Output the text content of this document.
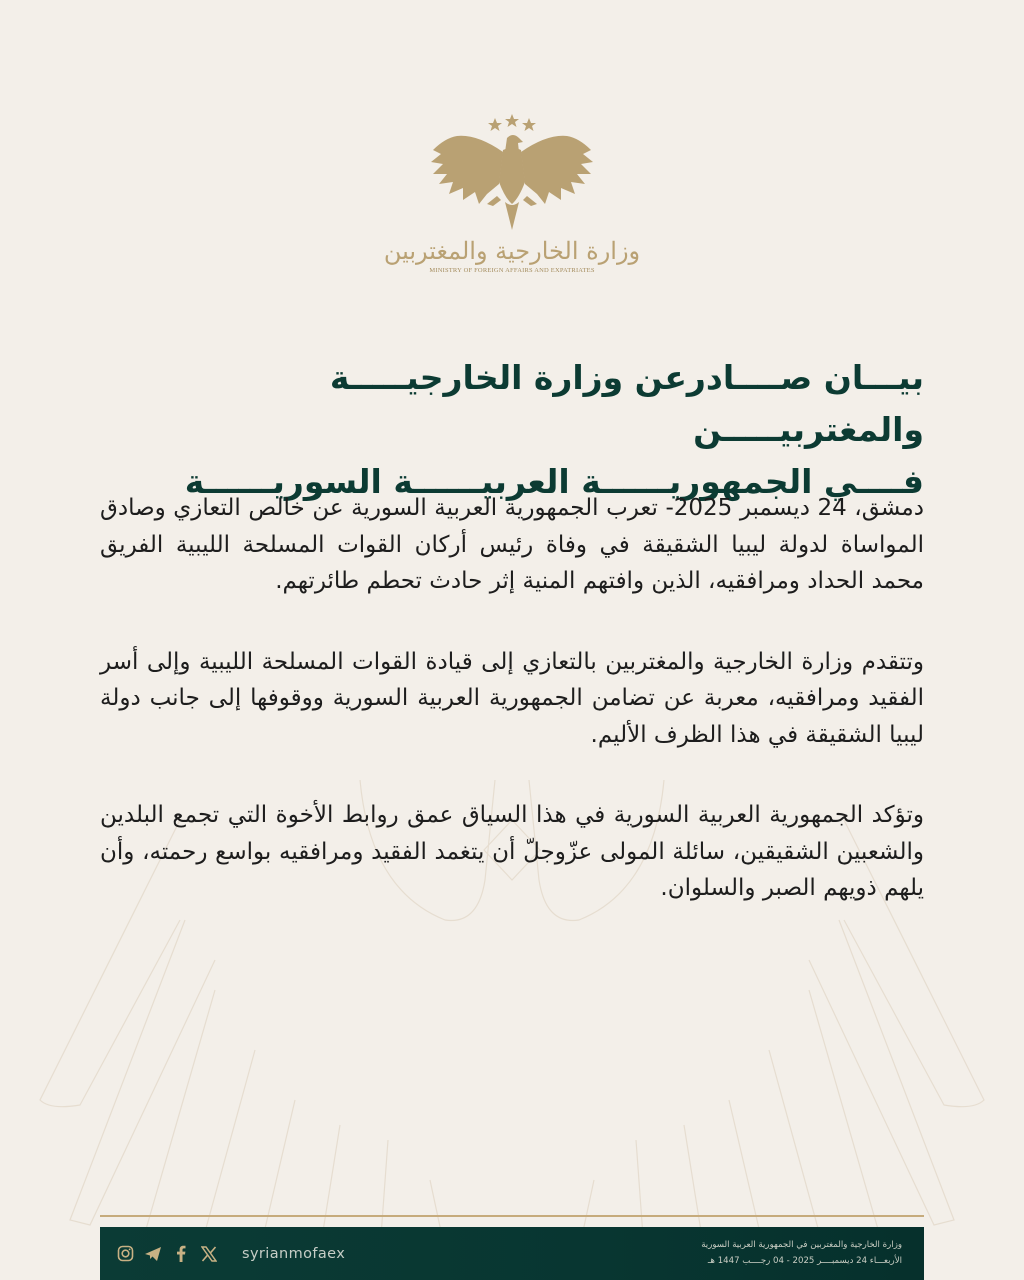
وزارة الخارجية والمغتربين
MINISTRY OF FOREIGN AFFAIRS AND EXPATRIATES
بيـــان صــــادرعن وزارة الخارجيـــــة والمغتربيـــــن
فــــي الجمهوريــــــة العربيــــــة السوريــــــة

دمشق، 24 ديسمبر 2025- تعرب الجمهورية العربية السورية عن خالص التعازي وصادق المواساة لدولة ليبيا الشقيقة في وفاة رئيس أركان القوات المسلحة الليبية الفريق محمد الحداد ومرافقيه، الذين وافتهم المنية إثر حادث تحطم طائرتهم.

وتتقدم وزارة الخارجية والمغتربين بالتعازي إلى قيادة القوات المسلحة الليبية وإلى أسر الفقيد ومرافقيه، معربة عن تضامن الجمهورية العربية السورية ووقوفها إلى جانب دولة ليبيا الشقيقة في هذا الظرف الأليم.

وتؤكد الجمهورية العربية السورية في هذا السياق عمق روابط الأخوة التي تجمع البلدين والشعبين الشقيقين، سائلة المولى عزّوجلّ أن يتغمد الفقيد ومرافقيه بواسع رحمته، وأن يلهم ذويهم الصبر والسلوان.

syrianmofaex
وزارة الخارجية والمغتربين في الجمهورية العربية السورية
الأربعـــاء 24 ديسمبــــر 2025 - 04 رجــــب 1447 هـ
